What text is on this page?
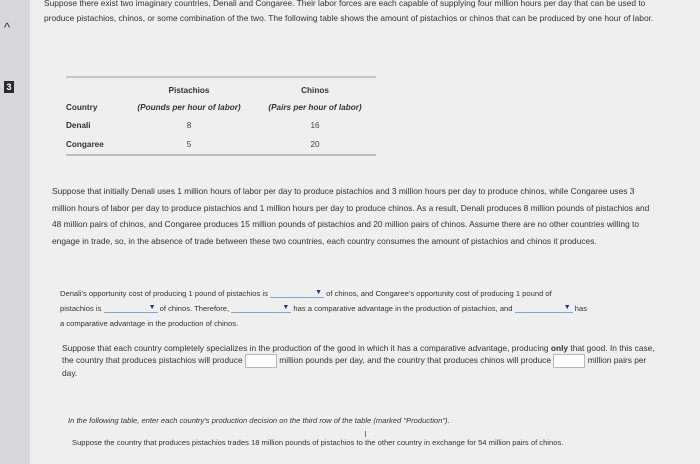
^
3
Suppose there exist two imaginary countries, Denali and Congaree. Their labor forces are each capable of supplying four million hours per day that can be used to produce pistachios, chinos, or some combination of the two. The following table shows the amount of pistachios or chinos that can be produced by one hour of labor.
	Pistachios	Chinos
Country	(Pounds per hour of labor)	(Pairs per hour of labor)
Denali	8	16
Congaree	5	20
Suppose that initially Denali uses 1 million hours of labor per day to produce pistachios and 3 million hours per day to produce chinos, while Congaree uses 3 million hours of labor per day to produce pistachios and 1 million hours per day to produce chinos. As a result, Denali produces 8 million pounds of pistachios and 48 million pairs of chinos, and Congaree produces 15 million pounds of pistachios and 20 million pairs of chinos. Assume there are no other countries willing to engage in trade, so, in the absence of trade between these two countries, each country consumes the amount of pistachios and chinos it produces.
Denali's opportunity cost of producing 1 pound of pistachios is	▼ of chinos, and Congaree's opportunity cost of producing 1 pound of
pistachios is	▼ of chinos. Therefore,	▼ has a comparative advantage in the production of pistachios, and	▼ has
a comparative advantage in the production of chinos.
Suppose that each country completely specializes in the production of the good in which it has a comparative advantage, producing only that good. In this case, the country that produces pistachios will produce	million pounds per day, and the country that produces chinos will produce	million pairs per day.
In the following table, enter each country's production decision on the third row of the table (marked "Production").
Suppose the country that produces pistachios trades 18 million pounds of pistachios to the other country in exchange for 54 million pairs of chinos.
